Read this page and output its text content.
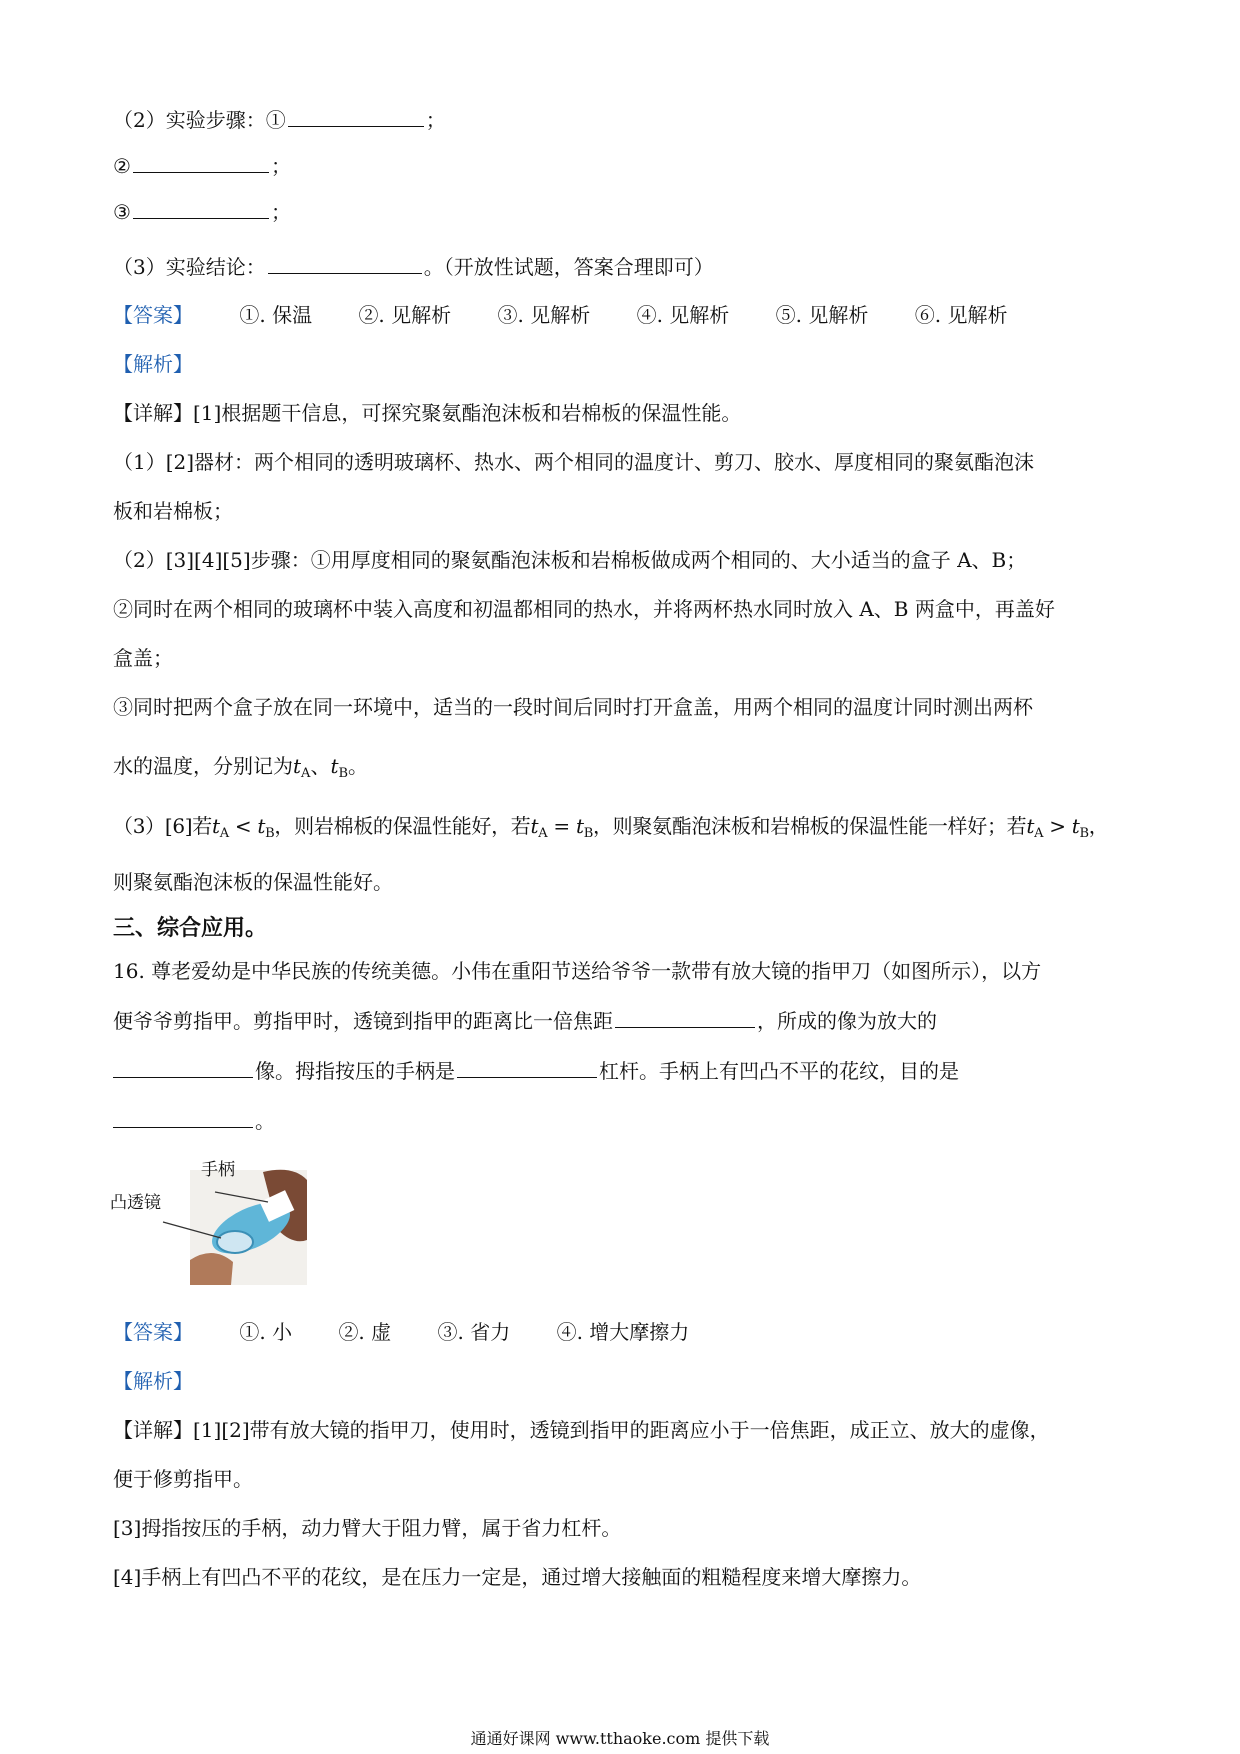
（2）实验步骤：①	；
②	；
③	；
（3）实验结论：	。（开放性试题，答案合理即可）
【答案】 ①. 保温 ②. 见解析 ③. 见解析 ④. 见解析 ⑤. 见解析 ⑥. 见解析
【解析】
【详解】[1]根据题干信息，可探究聚氨酯泡沫板和岩棉板的保温性能。
（1）[2]器材：两个相同的透明玻璃杯、热水、两个相同的温度计、剪刀、胶水、厚度相同的聚氨酯泡沫
板和岩棉板；
（2）[3][4][5]步骤：①用厚度相同的聚氨酯泡沫板和岩棉板做成两个相同的、大小适当的盒子 A、B；
②同时在两个相同的玻璃杯中装入高度和初温都相同的热水，并将两杯热水同时放入 A、B 两盒中，再盖好
盒盖；
③同时把两个盒子放在同一环境中，适当的一段时间后同时打开盒盖，用两个相同的温度计同时测出两杯
水的温度，分别记为$t_A$、$t_B$。
（3）[6]若$t_A < t_B$，则岩棉板的保温性能好，若$t_A = t_B$，则聚氨酯泡沫板和岩棉板的保温性能一样好；若$t_A > t_B$，
则聚氨酯泡沫板的保温性能好。
三、综合应用。
16. 尊老爱幼是中华民族的传统美德。小伟在重阳节送给爷爷一款带有放大镜的指甲刀（如图所示），以方
便爷爷剪指甲。剪指甲时，透镜到指甲的距离比一倍焦距	，所成的像为放大的
像。拇指按压的手柄是	杠杆。手柄上有凹凸不平的花纹，目的是
。
手柄
凸透镜
【答案】 ①. 小 ②. 虚 ③. 省力 ④. 增大摩擦力
【解析】
【详解】[1][2]带有放大镜的指甲刀，使用时，透镜到指甲的距离应小于一倍焦距，成正立、放大的虚像，
便于修剪指甲。
[3]拇指按压的手柄，动力臂大于阻力臂，属于省力杠杆。
[4]手柄上有凹凸不平的花纹，是在压力一定是，通过增大接触面的粗糙程度来增大摩擦力。
通通好课网 www.tthaoke.com 提供下载
